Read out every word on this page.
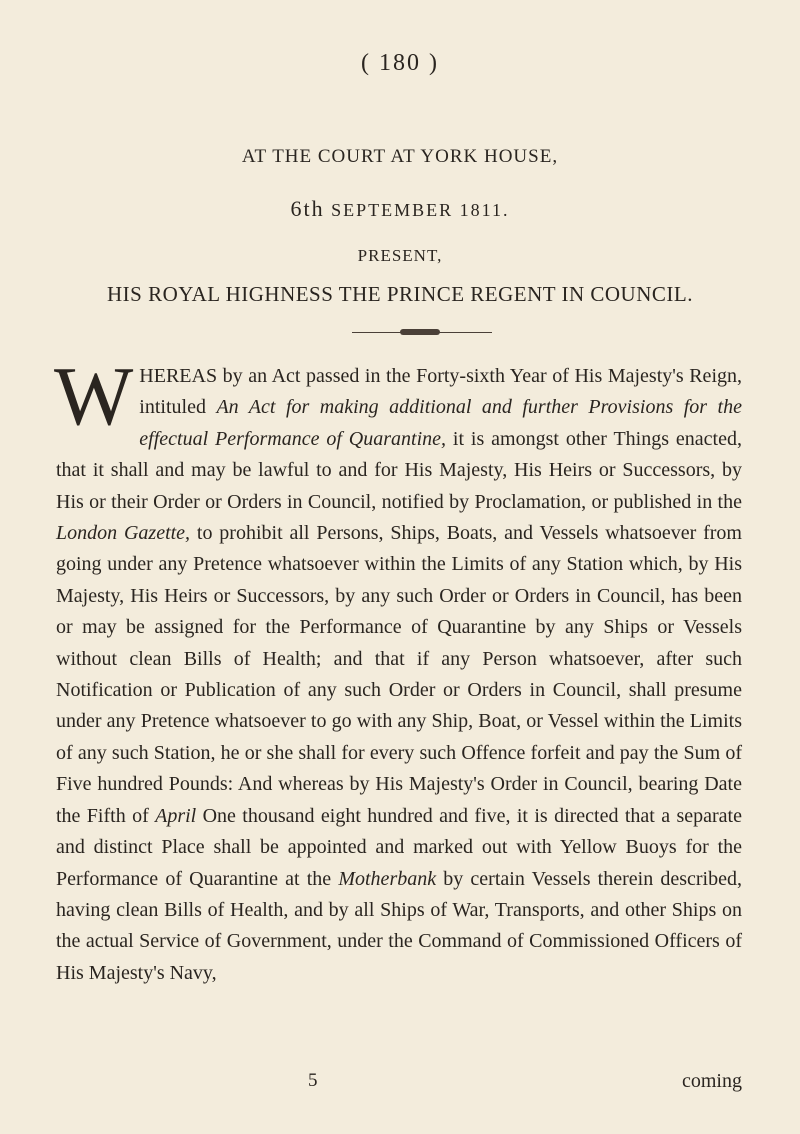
( 180 )
AT THE COURT AT YORK HOUSE,
6th SEPTEMBER 1811.
PRESENT,
HIS ROYAL HIGHNESS THE PRINCE REGENT IN COUNCIL.

WHEREAS by an Act passed in the Forty-sixth Year of His Majesty's Reign, intituled An Act for making additional and further Provisions for the effectual Performance of Quarantine, it is amongst other Things enacted, that it shall and may be lawful to and for His Majesty, His Heirs or Successors, by His or their Order or Orders in Council, notified by Proclamation, or published in the London Gazette, to prohibit all Persons, Ships, Boats, and Vessels whatsoever from going under any Pretence whatsoever within the Limits of any Station which, by His Majesty, His Heirs or Successors, by any such Order or Orders in Council, has been or may be assigned for the Performance of Quarantine by any Ships or Vessels without clean Bills of Health; and that if any Person whatsoever, after such Notification or Publication of any such Order or Orders in Council, shall presume under any Pretence whatsoever to go with any Ship, Boat, or Vessel within the Limits of any such Station, he or she shall for every such Offence forfeit and pay the Sum of Five hundred Pounds: And whereas by His Majesty's Order in Council, bearing Date the Fifth of April One thousand eight hundred and five, it is directed that a separate and distinct Place shall be appointed and marked out with Yellow Buoys for the Performance of Quarantine at the Motherbank by certain Vessels therein described, having clean Bills of Health, and by all Ships of War, Transports, and other Ships on the actual Service of Government, under the Command of Commissioned Officers of His Majesty's Navy,

5	coming
